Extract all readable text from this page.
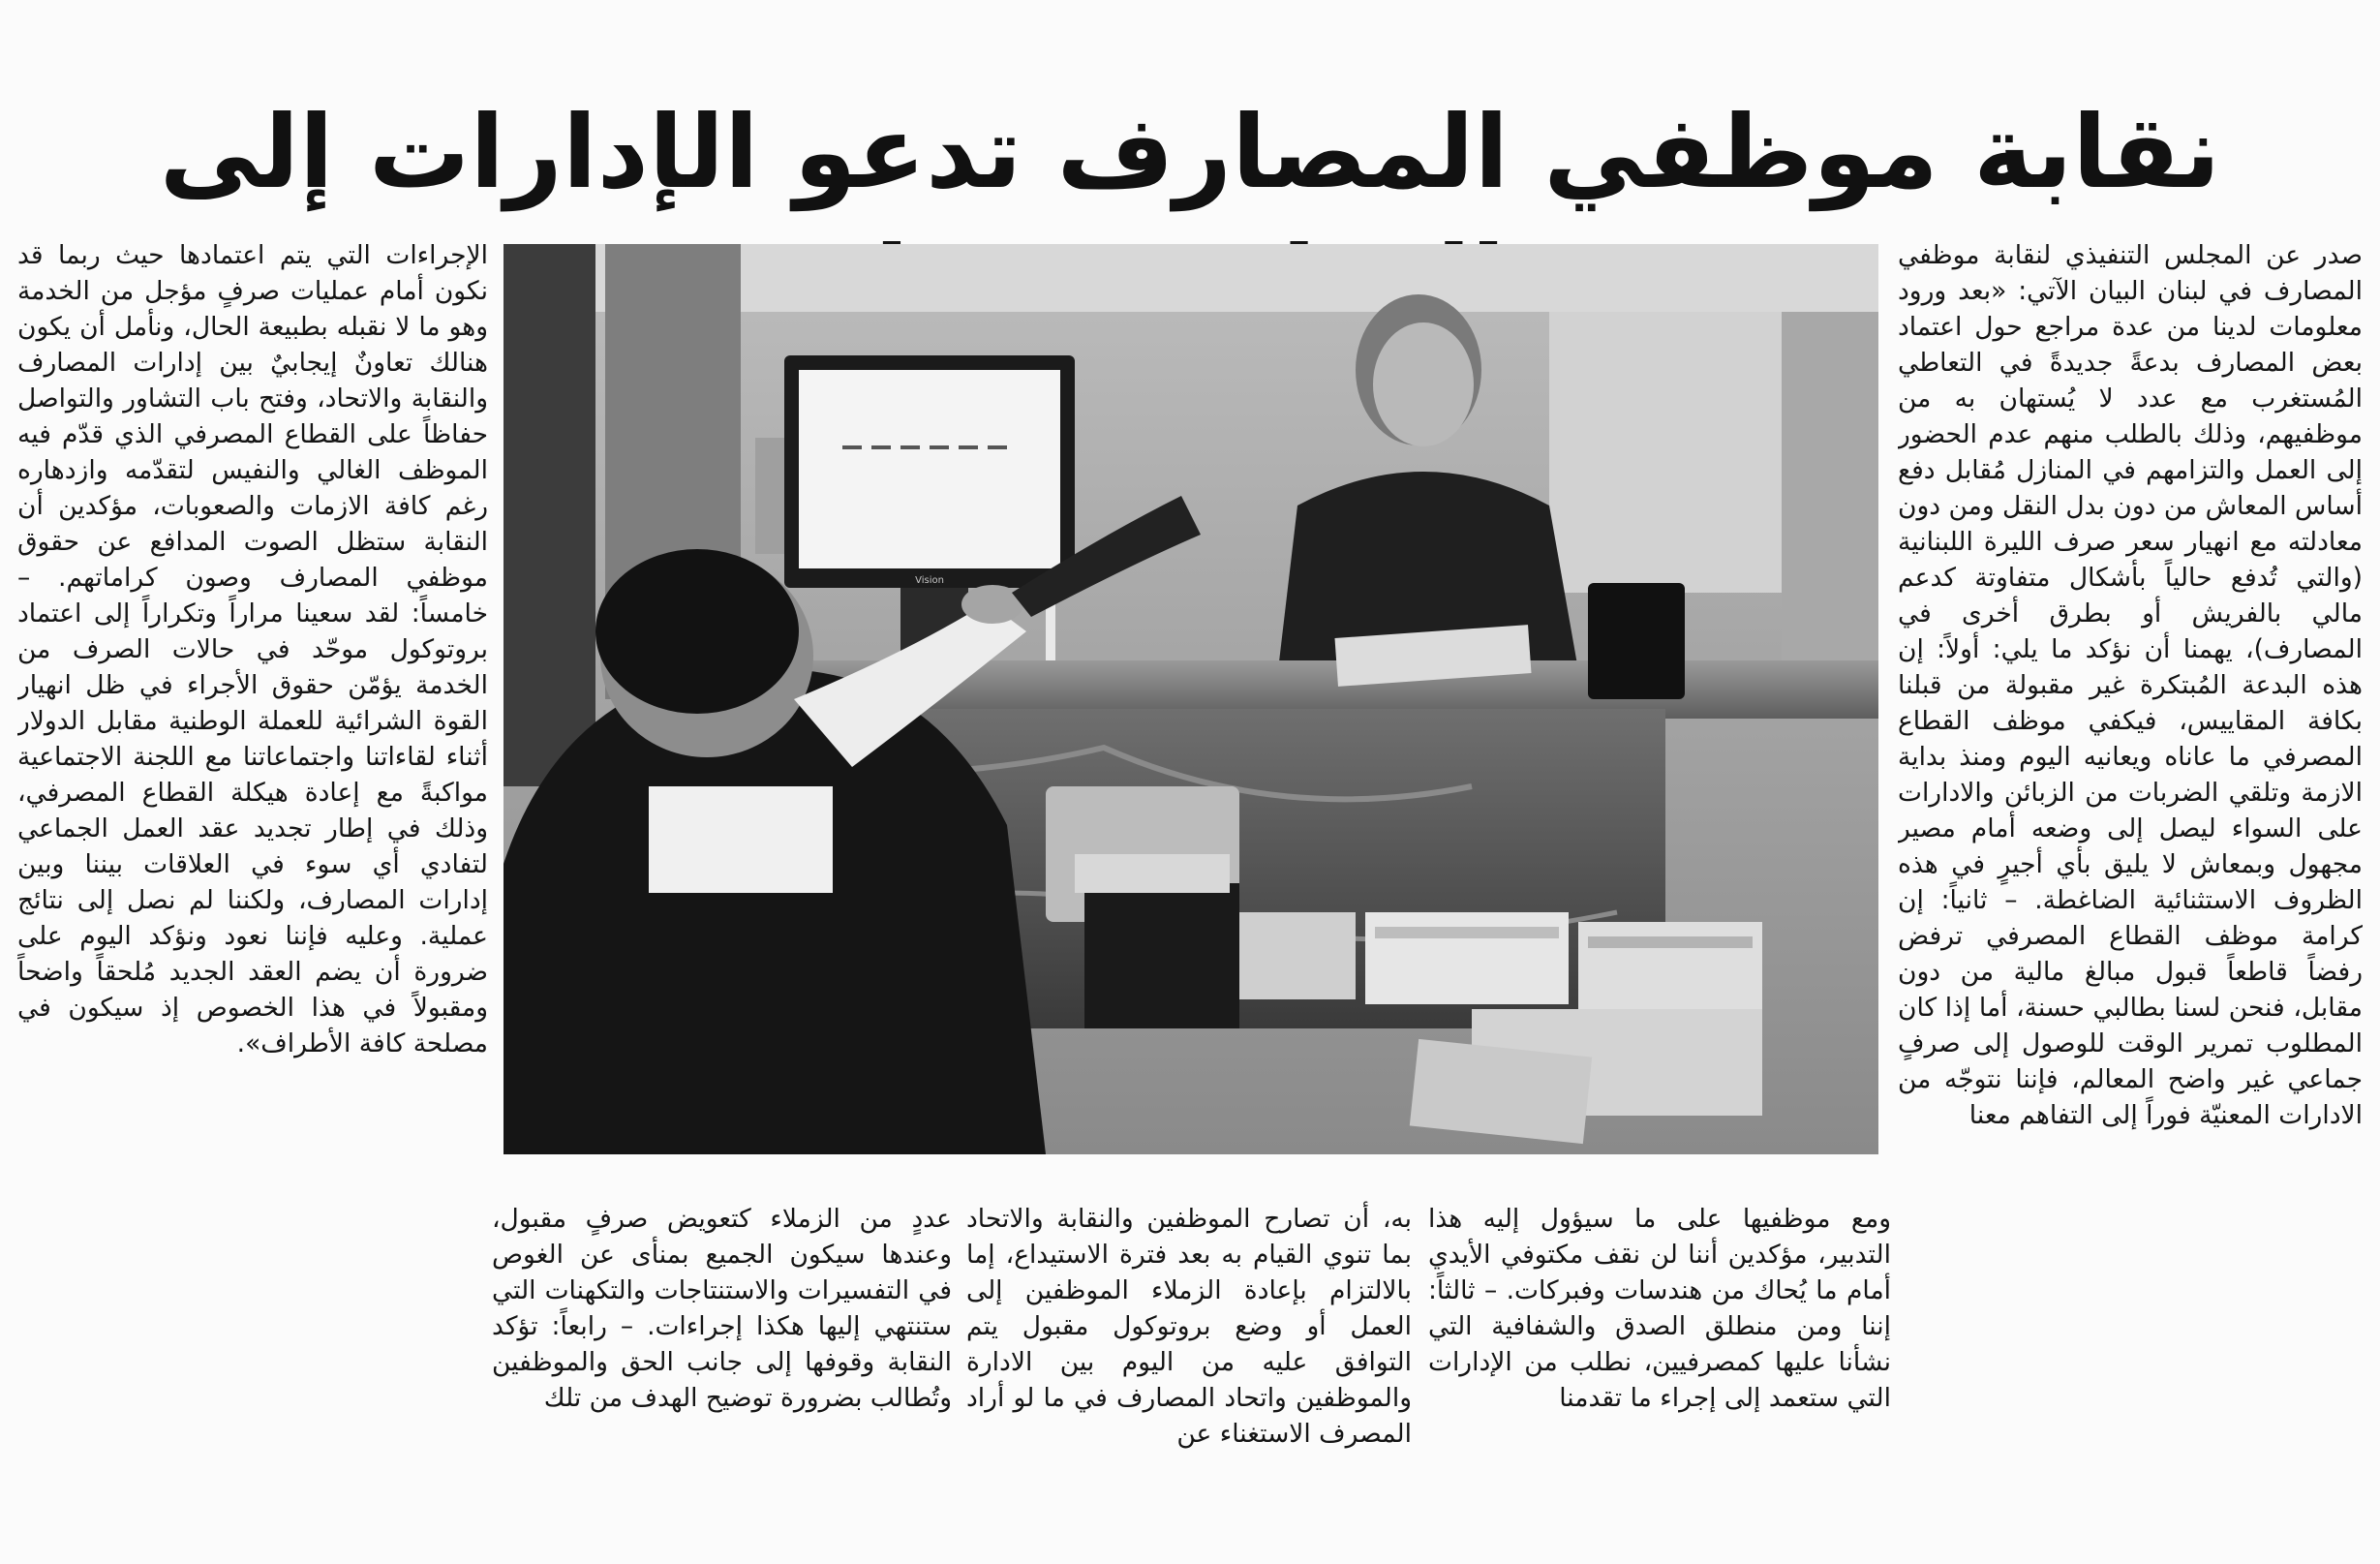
نقابة موظفي المصارف تدعو الإدارات إلى

صدر عن المجلس التنفيذي لنقابة موظفي المصارف في لبنان البيان الآتي: «بعد ورود معلومات لدينا من عدة مراجع حول اعتماد بعض المصارف بدعةً جديدةً في التعاطي المُستغرب مع عدد لا يُستهان به من موظفيهم، وذلك بالطلب منهم عدم الحضور إلى العمل والتزامهم في المنازل مُقابل دفع أساس المعاش من دون بدل النقل ومن دون معادلته مع انهيار سعر صرف الليرة اللبنانية (والتي تُدفع حالياً بأشكال متفاوتة كدعم مالي بالفريش أو بطرق أخرى في المصارف)، يهمنا أن نؤكد ما يلي: أولاً: إن هذه البدعة المُبتكرة غير مقبولة من قبلنا بكافة المقاييس، فيكفي موظف القطاع المصرفي ما عاناه ويعانيه اليوم ومنذ بداية الازمة وتلقي الضربات من الزبائن والادارات على السواء ليصل إلى وضعه أمام مصير مجهول وبمعاش لا يليق بأي أجيرٍ في هذه الظروف الاستثنائية الضاغطة. – ثانياً: إن كرامة موظف القطاع المصرفي ترفض رفضاً قاطعاً قبول مبالغ مالية من دون مقابل، فنحن لسنا بطالبي حسنة، أما إذا كان المطلوب تمرير الوقت للوصول إلى صرفٍ جماعي غير واضح المعالم، فإننا نتوجّه من الادارات المعنيّة فوراً إلى التفاهم معنا

ومع موظفيها على ما سيؤول إليه هذا التدبير، مؤكدين أننا لن نقف مكتوفي الأيدي أمام ما يُحاك من هندسات وفبركات. – ثالثاً: إننا ومن منطلق الصدق والشفافية التي نشأنا عليها كمصرفيين، نطلب من الإدارات التي ستعمد إلى إجراء ما تقدمنا

به، أن تصارح الموظفين والنقابة والاتحاد بما تنوي القيام به بعد فترة الاستيداع، إما بالالتزام بإعادة الزملاء الموظفين إلى العمل أو وضع بروتوكول مقبول يتم التوافق عليه من اليوم بين الادارة والموظفين واتحاد المصارف في ما لو أراد المصرف الاستغناء عن

عددٍ من الزملاء كتعويض صرفٍ مقبول، وعندها سيكون الجميع بمنأى عن الغوص في التفسيرات والاستنتاجات والتكهنات التي ستنتهي إليها هكذا إجراءات. – رابعاً: تؤكد النقابة وقوفها إلى جانب الحق والموظفين وتُطالب بضرورة توضيح الهدف من تلك

الإجراءات التي يتم اعتمادها حيث ربما قد نكون أمام عمليات صرفٍ مؤجل من الخدمة وهو ما لا نقبله بطبيعة الحال، ونأمل أن يكون هنالك تعاونٌ إيجابيٌ بين إدارات المصارف والنقابة والاتحاد، وفتح باب التشاور والتواصل حفاظاً على القطاع المصرفي الذي قدّم فيه الموظف الغالي والنفيس لتقدّمه وازدهاره رغم كافة الازمات والصعوبات، مؤكدين أن النقابة ستظل الصوت المدافع عن حقوق موظفي المصارف وصون كراماتهم. – خامساً: لقد سعينا مراراً وتكراراً إلى اعتماد بروتوكول موحّد في حالات الصرف من الخدمة يؤمّن حقوق الأجراء في ظل انهيار القوة الشرائية للعملة الوطنية مقابل الدولار أثناء لقاءاتنا واجتماعاتنا مع اللجنة الاجتماعية مواكبةً مع إعادة هيكلة القطاع المصرفي، وذلك في إطار تجديد عقد العمل الجماعي لتفادي أي سوء في العلاقات بيننا وبين إدارات المصارف، ولكننا لم نصل إلى نتائج عملية. وعليه فإننا نعود ونؤكد اليوم على ضرورة أن يضم العقد الجديد مُلحقاً واضحاً ومقبولاً في هذا الخصوص إذ سيكون في مصلحة كافة الأطراف».

Vision
